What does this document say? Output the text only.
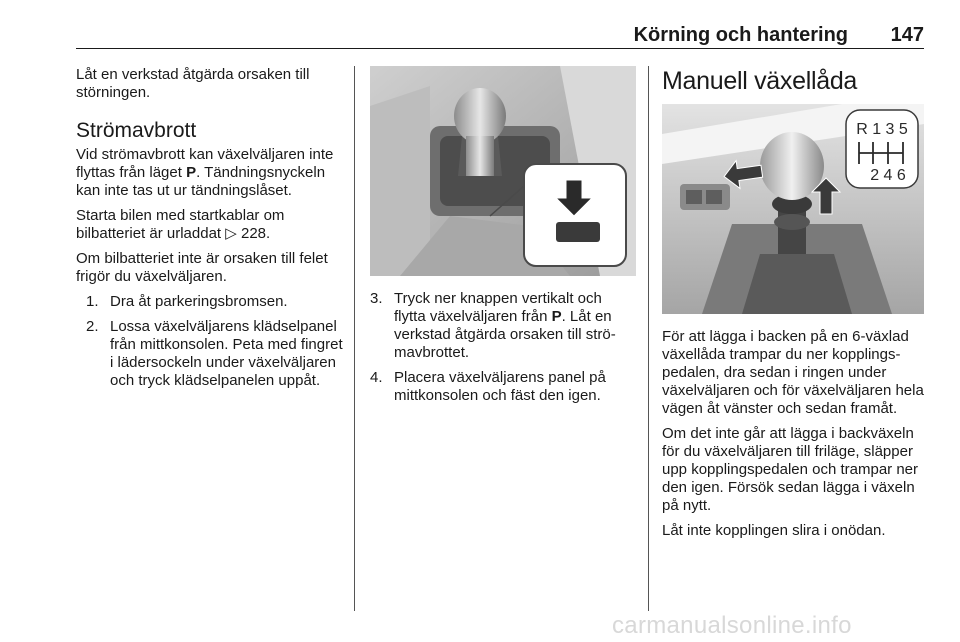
Körning och hantering	147

Låt en verkstad åtgärda orsaken till störningen.

Strömavbrott

Vid strömavbrott kan växelväljaren inte flyttas från läget P. Tändningsnyckeln kan inte tas ut ur tändningslåset.

Starta bilen med startkablar om bilbatteriet är urladdat ▷ 228.

Om bilbatteriet inte är orsaken till felet frigör du växelväljaren.

1. Dra åt parkeringsbromsen.
2. Lossa växelväljarens klädselpanel från mittkonsolen. Peta med fingret i lädersockeln under växelväljaren och tryck klädselpanelen uppåt.
3. Tryck ner knappen vertikalt och flytta växelväljaren från P. Låt en verkstad åtgärda orsaken till strömavbrottet.
4. Placera växelväljarens panel på mittkonsolen och fäst den igen.
Manuell växellåda
R 1 3 5
2 4 6

För att lägga i backen på en 6-växlad växellåda trampar du ner kopplingspedalen, dra sedan i ringen under växelväljaren och för växelväljaren hela vägen åt vänster och sedan framåt.

Om det inte går att lägga i backväxeln för du växelväljaren till friläge, släpper upp kopplingspedalen och trampar ner den igen. Försök sedan lägga i växeln på nytt.

Låt inte kopplingen slira i onödan.

carmanualsonline.info
